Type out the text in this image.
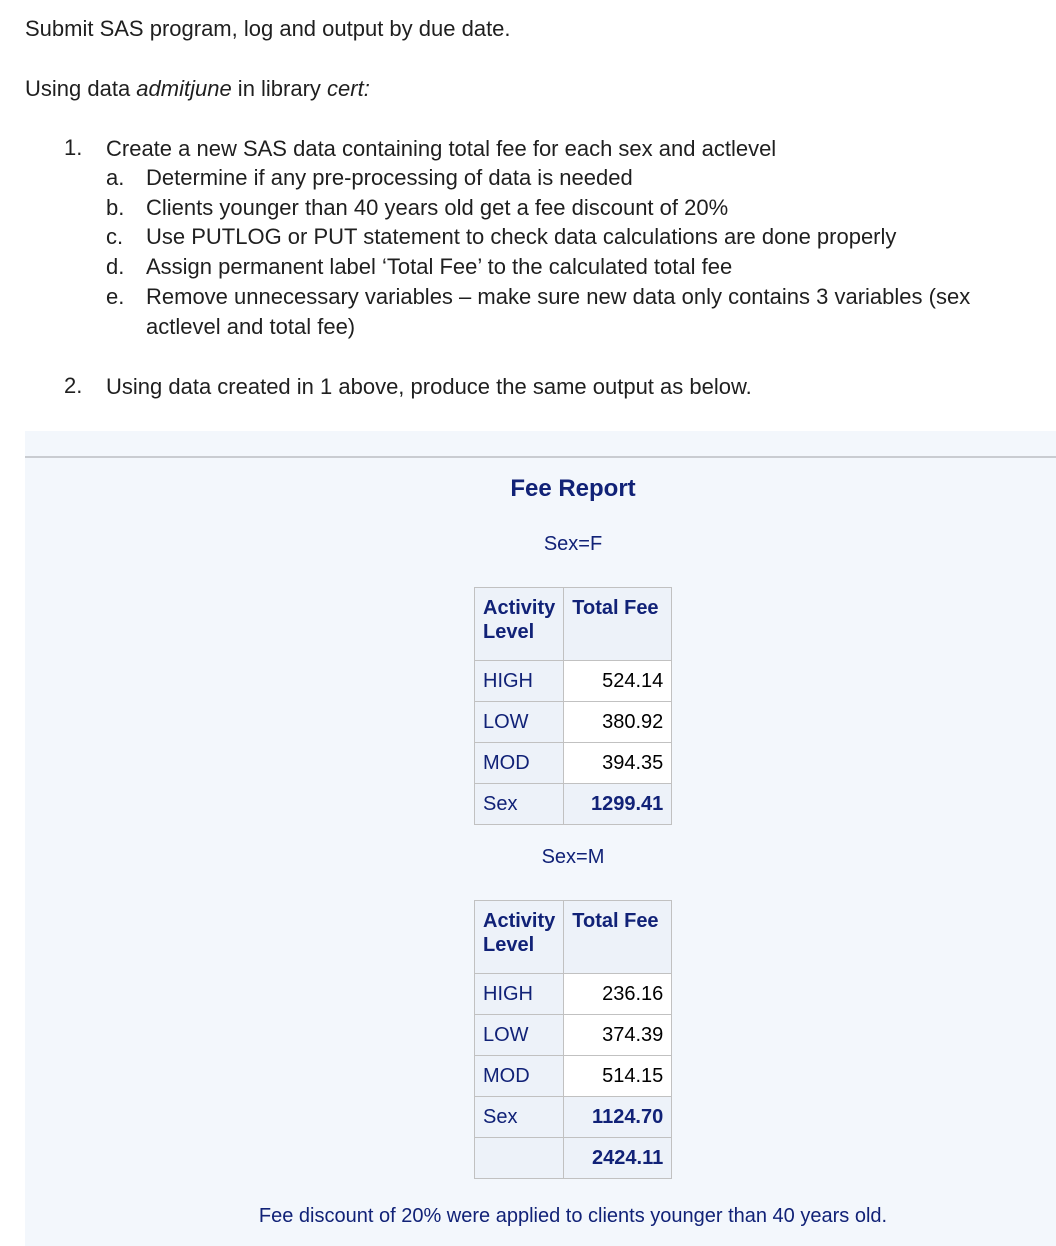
Submit SAS program, log and output by due date.
Using data admitjune in library cert:
1. Create a new SAS data containing total fee for each sex and actlevel
a. Determine if any pre-processing of data is needed
b. Clients younger than 40 years old get a fee discount of 20%
c. Use PUTLOG or PUT statement to check data calculations are done properly
d. Assign permanent label ‘Total Fee’ to the calculated total fee
e. Remove unnecessary variables – make sure new data only contains 3 variables (sex
actlevel and total fee)
2. Using data created in 1 above, produce the same output as below.
Fee Report
Sex=F
Activity Level	Total Fee
HIGH	524.14
LOW	380.92
MOD	394.35
Sex	1299.41
Sex=M
Activity Level	Total Fee
HIGH	236.16
LOW	374.39
MOD	514.15
Sex	1124.70
	2424.11
Fee discount of 20% were applied to clients younger than 40 years old.
